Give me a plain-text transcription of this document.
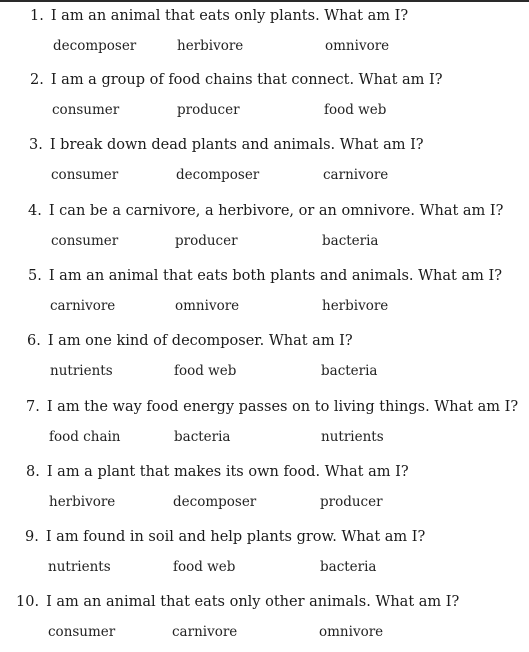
1. I am an animal that eats only plants. What am I?
decomposer	herbivore	omnivore
2. I am a group of food chains that connect. What am I?
consumer	producer	food web
3. I break down dead plants and animals. What am I?
consumer	decomposer	carnivore
4. I can be a carnivore, a herbivore, or an omnivore. What am I?
consumer	producer	bacteria
5. I am an animal that eats both plants and animals. What am I?
carnivore	omnivore	herbivore
6. I am one kind of decomposer. What am I?
nutrients	food web	bacteria
7. I am the way food energy passes on to living things. What am I?
food chain	bacteria	nutrients
8. I am a plant that makes its own food. What am I?
herbivore	decomposer	producer
9. I am found in soil and help plants grow. What am I?
nutrients	food web	bacteria
10. I am an animal that eats only other animals. What am I?
consumer	carnivore	omnivore
